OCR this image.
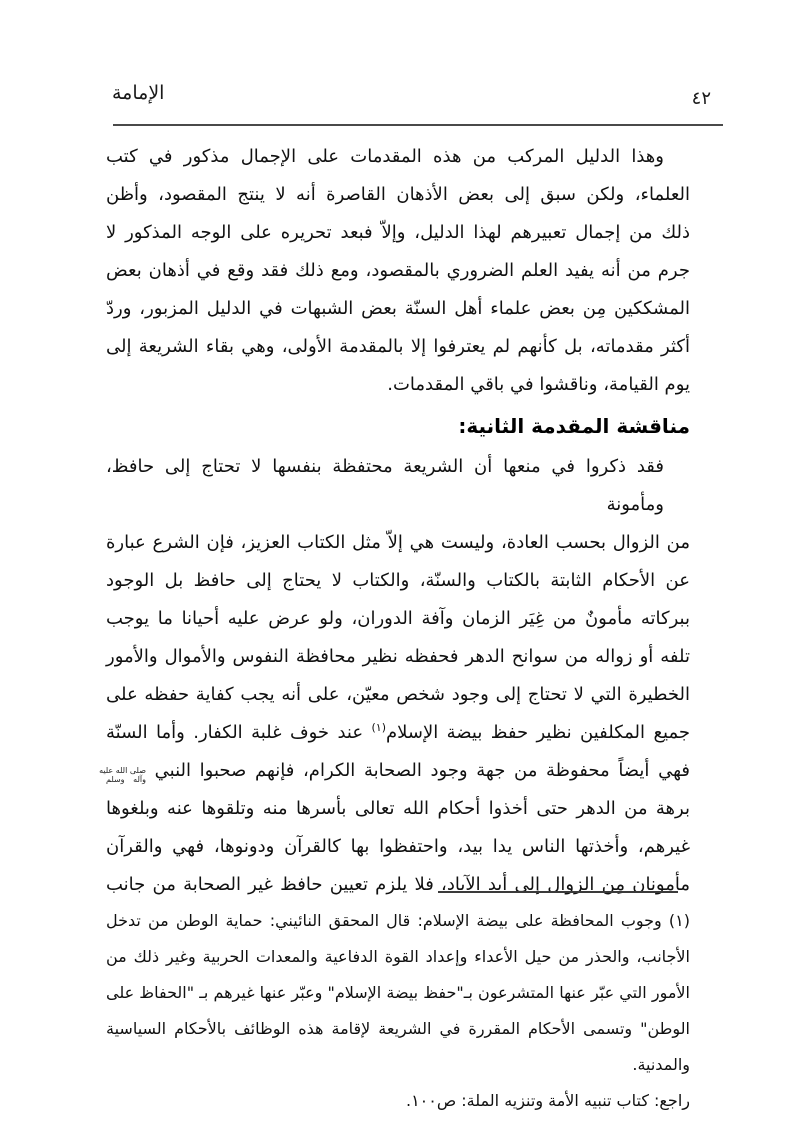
الإمامة	٤٢
وهذا الدليل المركب من هذه المقدمات على الإجمال مذكور في كتب
العلماء، ولكن سبق إلى بعض الأذهان القاصرة أنه لا ينتج المقصود، وأظن
ذلك من إجمال تعبيرهم لهذا الدليل، وإلاّ فبعد تحريره على الوجه المذكور لا
جرم من أنه يفيد العلم الضروري بالمقصود، ومع ذلك فقد وقع في أذهان بعض
المشككين مِن بعض علماء أهل السنّة بعض الشبهات في الدليل المزبور، وردّ
أكثر مقدماته، بل كأنهم لم يعترفوا إلا بالمقدمة الأولى، وهي بقاء الشريعة إلى
يوم القيامة، وناقشوا في باقي المقدمات.
مناقشة المقدمة الثانية:
فقد ذكروا في منعها أن الشريعة محتفظة بنفسها لا تحتاج إلى حافظ، ومأمونة
من الزوال بحسب العادة، وليست هي إلاّ مثل الكتاب العزيز، فإن الشرع عبارة
عن الأحكام الثابتة بالكتاب والسنّة، والكتاب لا يحتاج إلى حافظ بل الوجود
ببركاته مأمونٌ من غِيَر الزمان وآفة الدوران، ولو عرض عليه أحيانا ما يوجب
تلفه أو زواله من سوانح الدهر فحفظه نظير محافظة النفوس والأموال والأمور
الخطيرة التي لا تحتاج إلى وجود شخص معيّن، على أنه يجب كفاية حفظه على
جميع المكلفين نظير حفظ بيضة الإسلام$^{(١)}$ عند خوف غلبة الكفار. وأما السنّة
فهي أيضاً محفوظة من جهة وجود الصحابة الكرام، فإنهم صحبوا النبي
صلى الله عليه
وآله وسلم
برهة من الدهر حتى أخذوا أحكام الله تعالى بأسرها منه وتلقوها عنه وبلغوها
غيرهم، وأخذتها الناس يدا بيد، واحتفظوا بها كالقرآن ودونوها، فهي والقرآن
مأمونان مِن الزوال إلى أبد الآباد، فلا يلزم تعيين حافظ غير الصحابة من جانب
(١) وجوب المحافظة على بيضة الإسلام: قال المحقق النائيني: حماية الوطن من تدخل
الأجانب، والحذر من حيل الأعداء وإعداد القوة الدفاعية والمعدات الحربية وغير ذلك من
الأمور التي عبّر عنها المتشرعون بـ"حفظ بيضة الإسلام" وعبّر عنها غيرهم بـ "الحفاظ على
الوطن" وتسمى الأحكام المقررة في الشريعة لإقامة هذه الوظائف بالأحكام السياسية والمدنية.
راجع: كتاب تنبيه الأمة وتنزيه الملة: ص١٠٠.
